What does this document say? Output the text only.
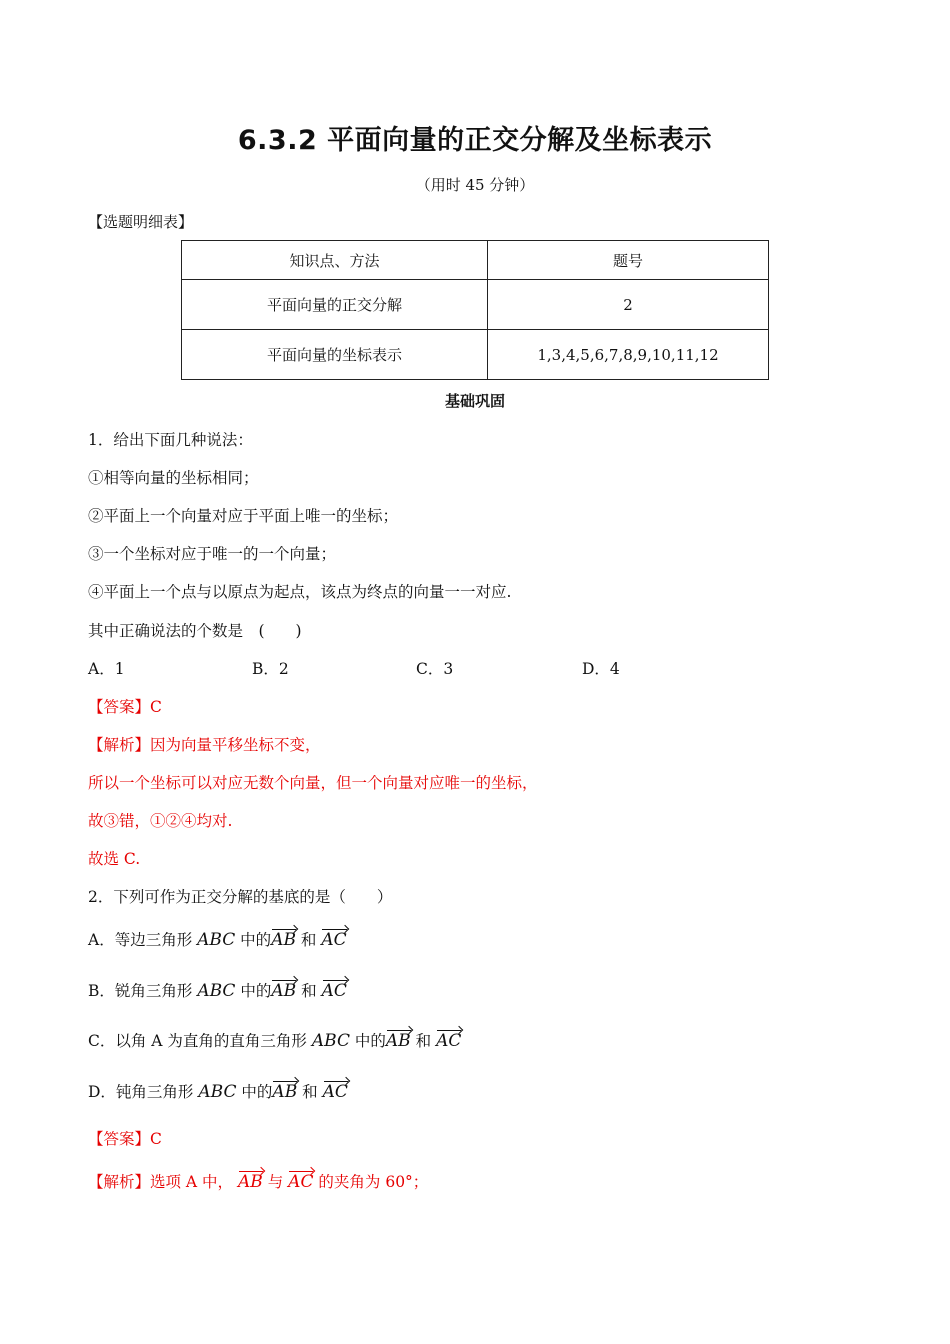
6.3.2 平面向量的正交分解及坐标表示
（用时 45 分钟）
【选题明细表】
知识点、方法	题号
平面向量的正交分解	2
平面向量的坐标表示	1,3,4,5,6,7,8,9,10,11,12
基础巩固
1．给出下面几种说法：
①相等向量的坐标相同；
②平面上一个向量对应于平面上唯一的坐标；
③一个坐标对应于唯一的一个向量；
④平面上一个点与以原点为起点，该点为终点的向量一一对应.
其中正确说法的个数是　(　　)
A．1	B．2	C．3	D．4
【答案】C
【解析】因为向量平移坐标不变，
所以一个坐标可以对应无数个向量，但一个向量对应唯一的坐标，
故③错，①②④均对.
故选 C.
2．下列可作为正交分解的基底的是（　　）
A．等边三角形 ABC 中的AB 和 AC
B．锐角三角形 ABC 中的AB 和 AC
C．以角 A 为直角的直角三角形 ABC 中的AB 和 AC
D．钝角三角形 ABC 中的AB 和 AC
【答案】C
【解析】选项 A 中， AB 与 AC 的夹角为 60°；
